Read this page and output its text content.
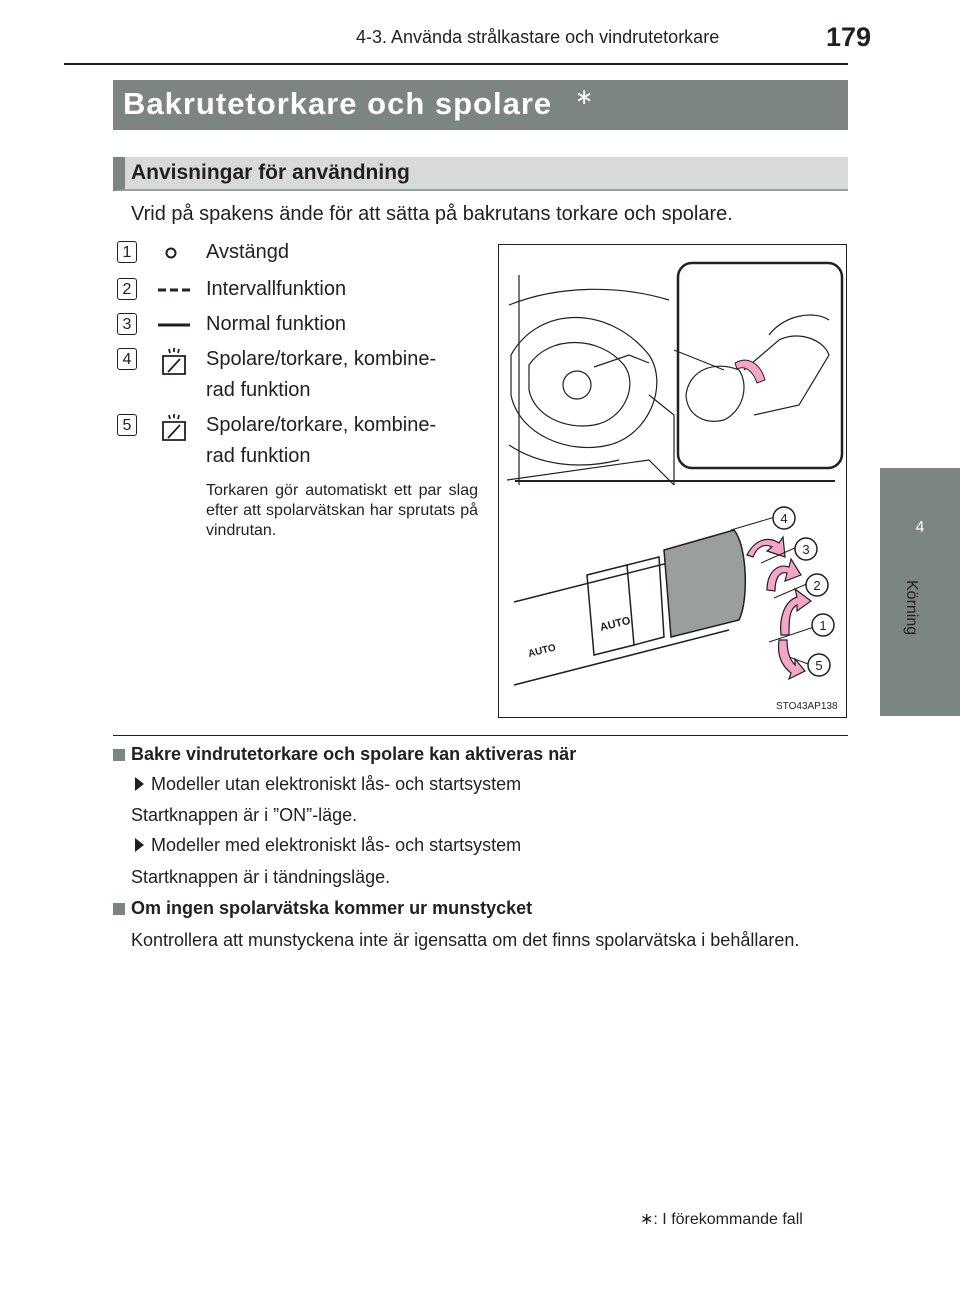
4-3. Använda strålkastare och vindrutetorkare	179
4
Körning
Bakrutetorkare och spolare ∗
Anvisningar för användning
Vrid på spakens ände för att sätta på bakrutans torkare och spolare.
1	Avstängd
2	Intervallfunktion
3	Normal funktion
4	Spolare/torkare, kombine-
rad funktion
5	Spolare/torkare, kombine-
rad funktion
Torkaren gör automatiskt ett par slag efter att spolarvätskan har sprutats på vindrutan.
AUTO
AUTO
4
3
2
1
5
STO43AP138
Bakre vindrutetorkare och spolare kan aktiveras när
Modeller utan elektroniskt lås- och startsystem
Startknappen är i ”ON”-läge.
Modeller med elektroniskt lås- och startsystem
Startknappen är i tändningsläge.
Om ingen spolarvätska kommer ur munstycket
Kontrollera att munstyckena inte är igensatta om det finns spolarvätska i behållaren.
∗: I förekommande fall
